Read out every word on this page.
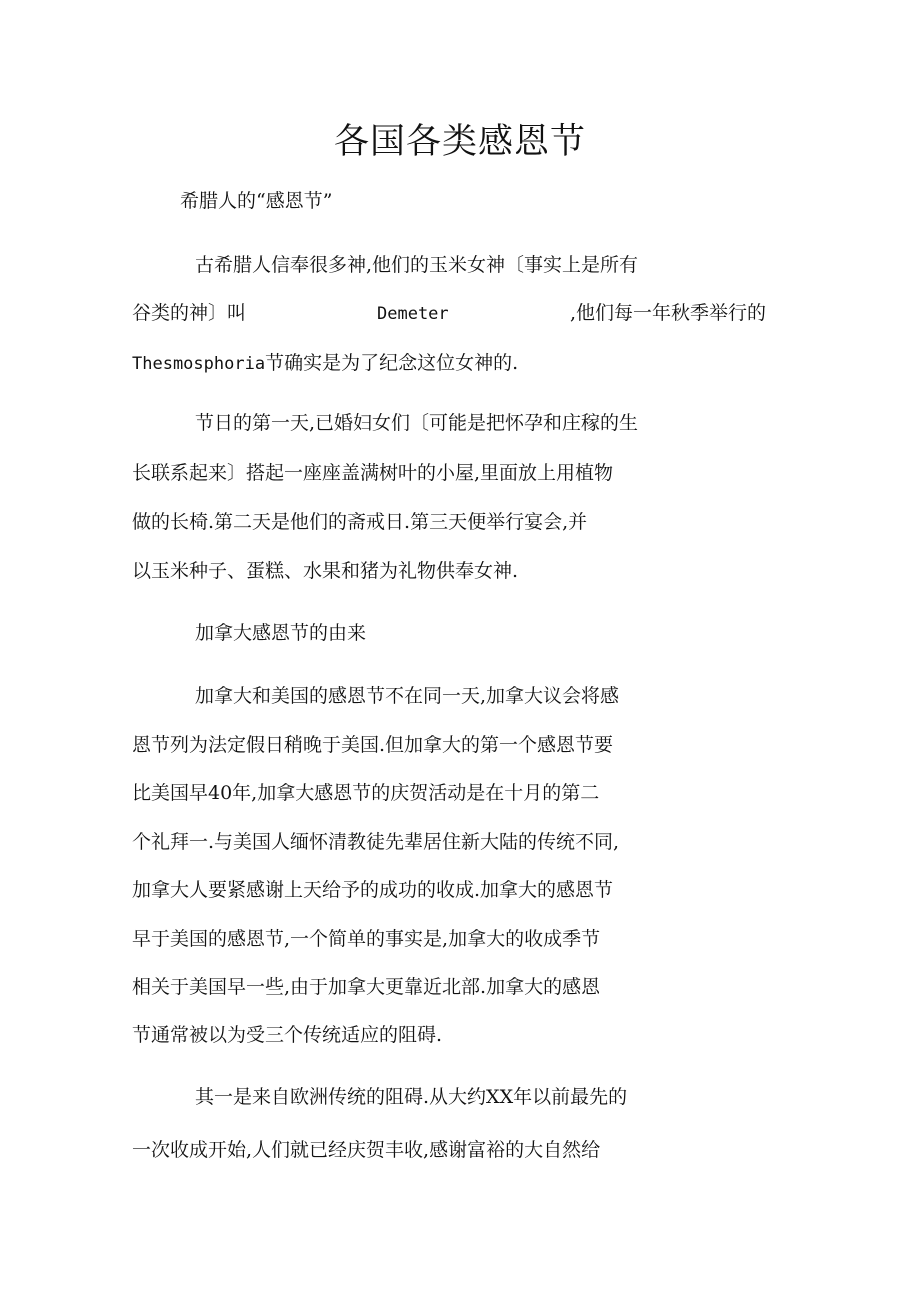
各国各类感恩节
希腊人的“感恩节”
古希腊人信奉很多神,他们的玉米女神〔事实上是所有
谷类的神〕叫	Demeter	,他们每一年秋季举行的
Thesmosphoria节确实是为了纪念这位女神的.
节日的第一天,已婚妇女们〔可能是把怀孕和庄稼的生
长联系起来〕搭起一座座盖满树叶的小屋,里面放上用植物
做的长椅.第二天是他们的斋戒日.第三天便举行宴会,并
以玉米种子、蛋糕、水果和猪为礼物供奉女神.
加拿大感恩节的由来
加拿大和美国的感恩节不在同一天,加拿大议会将感
恩节列为法定假日稍晚于美国.但加拿大的第一个感恩节要
比美国早40年,加拿大感恩节的庆贺活动是在十月的第二
个礼拜一.与美国人缅怀清教徒先辈居住新大陆的传统不同,
加拿大人要紧感谢上天给予的成功的收成.加拿大的感恩节
早于美国的感恩节,一个简单的事实是,加拿大的收成季节
相关于美国早一些,由于加拿大更靠近北部.加拿大的感恩
节通常被以为受三个传统适应的阻碍.
其一是来自欧洲传统的阻碍.从大约XX年以前最先的
一次收成开始,人们就已经庆贺丰收,感谢富裕的大自然给
